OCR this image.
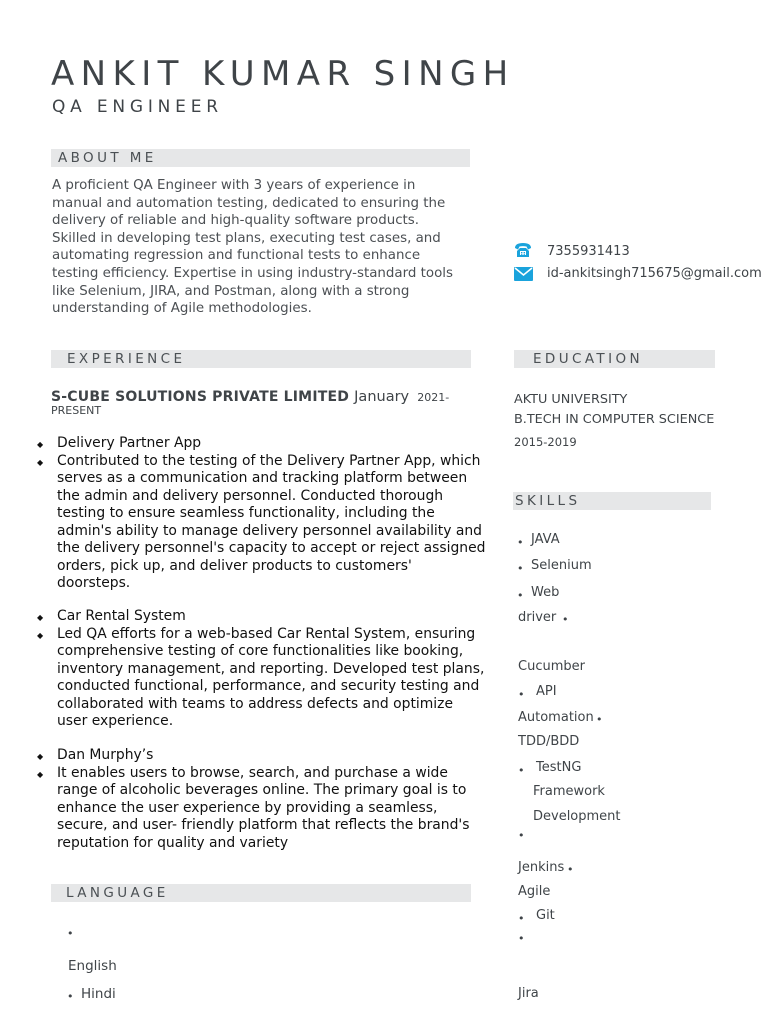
ANKIT KUMAR SINGH
QA ENGINEER
ABOUT ME
A proficient QA Engineer with 3 years of experience in manual and automation testing, dedicated to ensuring the delivery of reliable and high-quality software products. Skilled in developing test plans, executing test cases, and automating regression and functional tests to enhance testing efficiency. Expertise in using industry-standard tools like Selenium, JIRA, and Postman, along with a strong understanding of Agile methodologies.
7355931413
id-ankitsingh715675@gmail.com
EXPERIENCE
S-CUBE SOLUTIONS PRIVATE LIMITED January 2021-
PRESENT
◆ Delivery Partner App
◆ Contributed to the testing of the Delivery Partner App, which serves as a communication and tracking platform between the admin and delivery personnel. Conducted thorough testing to ensure seamless functionality, including the admin's ability to manage delivery personnel availability and the delivery personnel's capacity to accept or reject assigned orders, pick up, and deliver products to customers' doorsteps.
◆ Car Rental System
◆ Led QA efforts for a web-based Car Rental System, ensuring comprehensive testing of core functionalities like booking, inventory management, and reporting. Developed test plans, conducted functional, performance, and security testing and collaborated with teams to address defects and optimize user experience.
◆ Dan Murphy’s
◆ It enables users to browse, search, and purchase a wide range of alcoholic beverages online. The primary goal is to enhance the user experience by providing a seamless, secure, and user- friendly platform that reflects the brand's reputation for quality and variety
EDUCATION
AKTU UNIVERSITY
B.TECH IN COMPUTER SCIENCE
2015-2019
SKILLS
• JAVA
• Selenium
• Web
driver •
Cucumber
• API
Automation •
TDD/BDD
• TestNG
Framework
Development
•
Jenkins •
Agile
• Git
•
Jira
LANGUAGE
•
English
• Hindi
